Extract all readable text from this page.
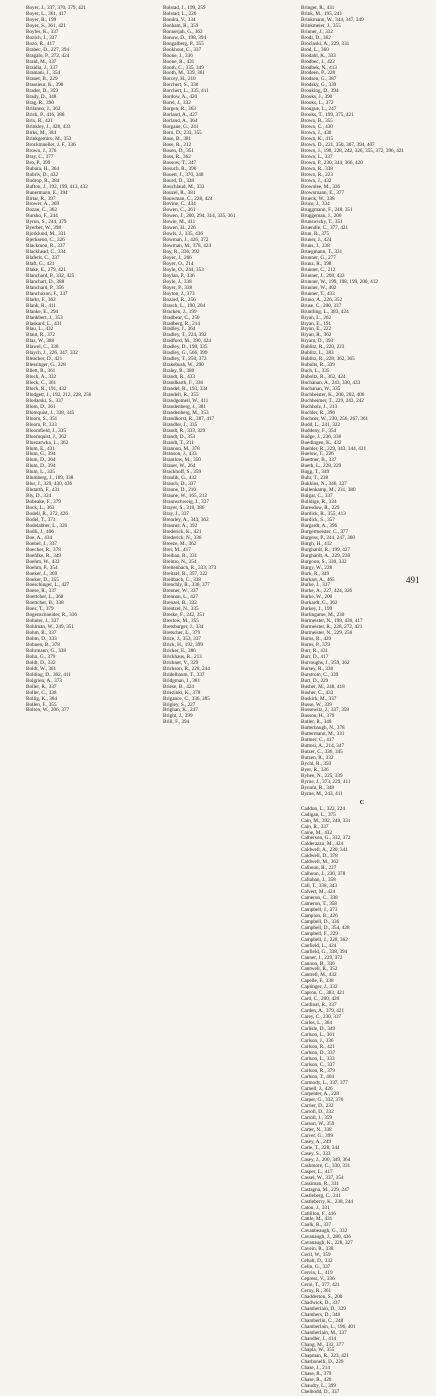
Boyer, J., 337, 370, 379, 421
Boyer, L., 361, 417
Boyer, R., 199
Boyer, S., 361, 421
Boyles, K., 337
Bozich, J., 337
Bozo, R., 417
Brabec, D., 227, 394
Bragalo, P., 272, 424
Braid, M., 337
Braidia, J., 337
Bramani, J., 354
Branet, B., 229
Brassieur, K., 398
Brader, D., 359
Brady, D., 348
Brag, R., 390
Brilanno, J., 362
Brick, P., 416, 388
Brix, R., 421
Brinkley, J., 428, 433
Birks, M., 384
Brinkgemiro, M., 353
Brockmueller, J. F., 336
Brown, J., 376
Bray, C., 377
Bro, P., 399
Bubara, H., 364
Bubriv, D., 432
Budrop, R., 384
Bufton, J., 192, 199, 413, 432
Bunermann, E., 394
Birtar, R., 397
Brower, A., 369
Bozan, C., 362
Bursko, F., 244
Byron, S., 244, 379
Byerber, W., 398
Bjorklund, M., 331
Bjerkseno, C., 326
Blackmon, R., 337
Blackhead, C., 334
Blaferlt, C., 337
Blaft, G., 421
Blake, E., 279, 421
Blanchard, P., 332, 425
Blanchart, D., 388
Blanchard, P., 356
Blanchaxon, F., 337
Blarkt, F., 362
Blank, R., 411
Blanke, E., 294
Blankbert, J., 353
Blaskard, L., 431
Blau, L., 432
Blaut, R., 372
Blaz, W., 388
Blawel, C., 338
Blaych, J., 226, 347, 332
Bleacker, D., 421
Blessinger, G., 228
Bliett, R., 361
Block, A., 332
Block, C., 361
Block, R., 191, 432
Blodgett, J., 192, 212, 228, 256
Blodarski, S., 337
Blom, D., 361
Blomquist, J., 338, 345
Bloom, S., 351
Bloom, P., 333
Bloomfield, J., 335
Bloomquist, J., 362
Bluezarwka, L., 362
Blum, E., 431
Blum, G., 394
Blum, D., 364
Blum, D., 394
Blum, L., 335
Blumberg, J., 189, 338
Blur, J., 329, 430, 436
Blutarth, F., 431
Bly, D., 324
Bobeake, F., 379
Bock, L., 363
Bodell, R., 372, 426
Bodel, T., 373
Bodelabber, L., 326
Bodli, J., 406
Boe, A., 434
Boebel, J., 337
Boecher, R., 378
Boehlke, R., 349
Boehm, W., 432
Boehm, P., 354
Boeker, J., 369
Boeker, D., 355
Boeschinger, L., 427
Boese, R., 337
Boettcher, L., 368
Boettcher, B., 338
Boez, T., 379
Bogenschneider, R., 336
Bohnter, J., 337
Bohlman, W., 249, 351
Bohm, R., 337
Bohm, D., 333
Bohnen, B., 378
Bohrmann, G., 338
Bohn, G., 379
Boldt, D., 332
Boldt, W., 361
Bolding, D., 362, 411
Bolgrien, A., 373
Boller, R., 337
Boller, C., 338
Bollig, K., 364
Bollen, F., 355
Bolton, W., 206, 377
Bolstad, J., 199, 259
Bolstad, L., 226
Bondra, V., 334
Bonham, R., 359
Bonnerjah, G., 362
Bonow, D., 198, 394
Bongalberg, P., 355
Bookhout, C., 337
Boone, J., 336
Boone, R., 431
Booth, C., 335, 349
Booth, M., 339, 361
Borcey, H., 210
Borchert, S., 330
Borchert, L., 335, 411
Bordow, A., 420
Borel, J., 332
Borgen, R., 363
Borland, A., 427
Borland, A., 364
Borgane, G., 241
Born, D., 233, 355
Bose, B., 381
Bose, R., 212
Bosen, D., 351
Boss, R., 362
Bossow, T., 347
Bosuch, R., 396
Bouett, J., 370, 348
Bourd, D., 338
Bouchlaud, M., 333
Bouzel, R., 381
Bouwman, C., 228, 424
Bovine, C., 434
Bowen, C., 361
Bowen, J., 200, 294, 314, 335, 361
Bowie, M., 411
Bowen, H., 226
Bowls, J., 335, 436
Bowman, J., 426, 372
Bowman, M., 378, 424
Boy, R., 336, 392
Boyer, J., 266
Boyer, O., 214
Boyle, O., 244, 353
Boylan, P., 336
Boyle, J., 338
Boyer, P., 338
Boyton, J., 373
Bozard, R., 256
Brasch, L., 190, 204
Bracken, J., 199
Bradbear, C., 250
Bradberg, R., 214
Bradley, J., 364
Bradley, T., 224, 392
Bradford, M., 390, 424
Bradley, D., 198, 335
Bradley, G., 566, 399
Bradley, T., 250, 372
Brakebush, W., 290
Braley, R., 380
Brandt, R., 433
Brandbarth, F., 336
Brandel, R., 193, 334
Brandell, R., 355
Brandgemeil, W., 411
Brandenberg, J., 381
Brandenberg, M., 353
Brandhorst, R., 387, 417
Brandler, J., 335
Brandt, R., 333, 329
Brandt, D., 353
Brandt, T., 211
Brannon, M., 378
Branson, J., 433
Brantlow, M., 350
Brauer, W., 264
Brackhoff, S., 359
Braulik, G., 432
Brauch, D., 337
Braune, D., 210
Braune, W., 165, 212
Braunschweig, J., 337
Brayer, S., 318, 386
Bray, J., 337
Brearley, A., 343, 362
Brauner, A., 392
Brederick, K., 421
Brederick, N., 336
Breeze, M., 362
Brei, M., 417
Breiban, R., 331
Breimo, N., 354
Breitenbach, R., 333, 373
Breitzel, R., 357, 322
Breitbach, C., 338
Brenchly, R., 336, 377
Brenner, W., 337
Brennan, L., 427
Brenzel, B., 332
Brentzel, N., 335
Breske, F., 242, 351
Breslow, M., 355
Bretsburger, J., 334
Bretscher, L., 379
Brice, J., 353, 337
Brick, H., 192, 399
Bricker, E., 386
Brickhaus, R., 213
Brickner, V., 329
Brickson, R., 228, 244
Bridelbaum, T., 337
Bridgman, J., 381
Briese, B., 424
Briezinki, K., 378
Brigance, C., 336, 385
Brigley, S., 227
Brighan, K., 247
Bright, J., 399
Brill, F., 394
Bringer, R., 431
Brink, M., 195, 241
Brinkmann, W., 344, 347, 349
Brinkmeier, J., 355
Brinner, J., 332
Brodl, D., 362
Brocinski, A., 229, 331
Brod, L., 360
Brodahl, K., 333
Brodbec, J., 422
Brodbek, N., 413
Brodeen, P., 228
Brodsen, G., 387
Brodsky, G., 339
Brooking, D., 394
Brooks, J., 390
Brooks, L., 372
Brougue, L., 247
Brooks, T., 199, 375, 421
Brown, B., 355
Brown, C., 430
Brown, J., 430
Brown, K., 415
Brown, D., 221, 350, 367, 394, 407
Brown, J., 198, 228, 242, 326, 355, 372, 396, 421
Brown, L., 337
Brown, P., 230, 344, 366, 420
Brown, R., 338
Brown, R., 223
Brown, J., 432
Brownlee, M., 336
Brownmann, E., 377
Brueck, W., 338
Bruce, J., 334
Bruggmann, F., 248, 351
Bruggeman, J., 200
Brunswicky, T., 351
Bruendle, C., 377, 421
Brun, R., 375
Bruner, J., 424
Bruns, J., 338
Bruegmann, T., 331
Brunner, G., 277
Brunz, R., 398
Brunner, C., 212
Brunner, J., 200, 433
Brunner, W., 199, 198, 199, 200, 412
Brunner, W., 402
Brunner, T., 433
Bruno, A., 226, 352
Bruse, C., 200, 337
Bruntling, L., 383, 424
Bryan, L., 262
Bryan, E., 191
Bryan, E., 222
Bryan, R., 362
Bryant, D., 393
Bublitz, R., 220, 223
Bublitz, L., 383
Bublitz, R., 228, 362, 365
Bubolts, R., 339
Buch, L., 335
Buboltz, R., 362, 424
Buchanan, A., 243, 330, 433
Buchanan, W., 335
Buchheister, K., 200, 202, 406
Buchheimer, T., 229, 243, 242
Buchholz, J., 213
Buchler, R., 396
Buchner, W., 230, 256, 267, 361
Budd, L., 241, 322
Buddeny, F., 354
Budge, J., 236, 336
Buedingen, K., 432
Buehler, R., 229, 343, 344, 421
Buelow, T., 226
Buettner, B., 337
Bueth, L., 228, 229
Bugg, T., 349
Buhr, T., 238
Bukkins, N., 346, 337
Bullenkamp, M., 231, 380
Bulgar, C., 337
Bulldige, R., 334
Buresdow, R., 229
Burdick, R., 355, 413
Burdick, S., 357
Burgardt, A., 396
Burgermeister, C., 377
Burgess, P., 244, 247, 360
Burgh, H., 412
Burghardt, R., 199, 427
Burghardt, A., 229, 230
Burgoon, S., 330, 332
Burgy, W., 228
Burk, R., 349
Burkart, A., 465
Burke, J., 337
Burke, A., 227, 424, 326
Burke, W., 200
Burkardt, G., 362
Burkey, J., 199
Burlingame, M., 230
Burmeister, N., 198, 436, 417
Burmeister, R., 228, 272, 421
Burmeister, N., 229, 256
Burns, R., 420
Burns, P., 379
Burr, R., 431
Burr, D., 417
Burroughs, J., 259, 362
Bursey, R., 338
Burstrom, C., 339
Burt, D., 229
Busher, M., 248, 418
Busher, C., 433
Buskirk, M., 337
Busse, W., 339
Bussewitz, J., 337, 358
Busson, H., 379
Butler, R., 348
Butterbaugh, N., 378
Buttermann, M., 331
Buttner, C., 417
Buttosi, A., 214, 347
Butzer, C., 336, 345
Butzen, R., 332
Bychl, R., 350
Byer, R., 336
Byhee, N., 225, 339
Byrne, J., 373, 229, 411
Bynum, R., 348
Byrne, M., 243, 411
C
Caddon, L., 322, 224
Cadigan, L., 375
Cain, M., 392, 248, 331
Cain, R., 337
Caine, M., 432
Calberson, G., 332, 372
Calderazzo, M., 424
Caldwell, A., 230, 341
Caldwell, D., 378
Caldwell, M., 362
Calhoun, R., 227
Calhoun, J., 230, 378
Callahan, J., 358
Call, T., 338, 343
Calvert, M., 424
Cameron, C., 338
Cameron, T., 358
Campbell, J., 373
Campion, B., 426
Campbell, D., 336
Campbell, D., 354, 428
Campbell, F., 229
Campbell, J., 228, 362
Canfield, L., 424
Canfield, G., 338, 394
Canner, J., 229, 372
Cannon, B., 336
Cantwell, R., 352
Cantrell, M., 432
Capelle, F., 338
Caplinger, J., 332
Capron, C., 383, 421
Card, C., 200, 420
Cardinal, R., 337
Carden, A., 379, 421
Carey, C., 230, 337
Carlos, L., 364
Carlisle, D., 349
Carlson, L., 361
Carlson, J., 336
Carlson, R., 421
Carlson, D., 337
Carlson, L., 333
Carlson, C., 337
Carlson, R., 379
Carlson, T., 404
Carmody, L., 337, 377
Carnell, J., 426
Carpenter, A., 228
Carper, G., 332, 376
Carrier, D., 232
Carroll, D., 332
Carroll, J., 359
Carson, W., 359
Carter, N., 338
Carver, G., 399
Casey, A., 249
Carte, T., 228, 344
Casey, S., 333
Casey, J., 200, 349, 364
Cashmore, C., 330, 331
Casper, L., 417
Cassel, W., 337, 354
Cassiman, R., 331
Castagna, M., 229, 247
Castleberg, C., 241
Castleberry, K., 238, 244
Caton, J., 331
Catlillon, F., 416
Cattle, M., 431
Caulk, R., 337
Cavanbeaugh, G., 332
Cavanaugh, J., 280, 436
Cavanaugh, K., 228, 327
Cavein, R., 338
Cecil, W., 359
Cebalt, D., 332
Celin, G., 337
Cervin, L., 419
Cepress, V., 336
Cerni, T., 377, 421
Cerny, R., 361
Chadderton, S., 200
Chadwick, D., 337
Chamberlain, D., 339
Chambers, D., 348
Chamberlin, C., 248
Chamberlain, L., 196, 401
Chamberlain, M., 337
Chandler, J., 414
Chang, M., 332, 377
Chapla, W., 355
Chapman, R., 223, 421
Charbonelli, D., 229
Chase, J., 214
Chase, R., 379
Chase, R., 420
Chaudry, L., 399
Chelbodd, D., 337
491
